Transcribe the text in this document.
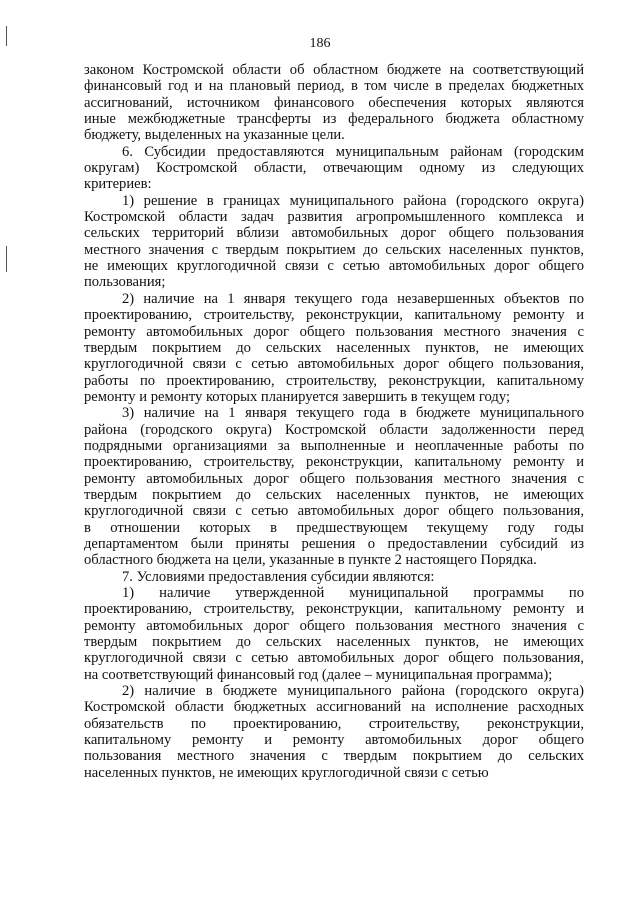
186
законом Костромской области об областном бюджете на соответствующий
финансовый год и на плановый период, в том числе в пределах бюджетных
ассигнований, источником финансового обеспечения которых являются
иные межбюджетные трансферты из федерального бюджета областному
бюджету, выделенных на указанные цели.
6. Субсидии предоставляются муниципальным районам (городским
округам) Костромской области, отвечающим одному из следующих
критериев:
1) решение в границах муниципального района (городского округа)
Костромской области задач развития агропромышленного комплекса и
сельских территорий вблизи автомобильных дорог общего пользования
местного значения с твердым покрытием до сельских населенных пунктов,
не имеющих круглогодичной связи с сетью автомобильных дорог общего
пользования;
2) наличие на 1 января текущего года незавершенных объектов по
проектированию, строительству, реконструкции, капитальному ремонту и
ремонту автомобильных дорог общего пользования местного значения с
твердым покрытием до сельских населенных пунктов, не имеющих
круглогодичной связи с сетью автомобильных дорог общего пользования,
работы по проектированию, строительству, реконструкции, капитальному
ремонту и ремонту которых планируется завершить в текущем году;
3) наличие на 1 января текущего года в бюджете муниципального
района (городского округа) Костромской области задолженности перед
подрядными организациями за выполненные и неоплаченные работы по
проектированию, строительству, реконструкции, капитальному ремонту и
ремонту автомобильных дорог общего пользования местного значения с
твердым покрытием до сельских населенных пунктов, не имеющих
круглогодичной связи с сетью автомобильных дорог общего пользования,
в отношении которых в предшествующем текущему году годы
департаментом были приняты решения о предоставлении субсидий из
областного бюджета на цели, указанные в пункте 2 настоящего Порядка.
7. Условиями предоставления субсидии являются:
1) наличие утвержденной муниципальной программы по
проектированию, строительству, реконструкции, капитальному ремонту и
ремонту автомобильных дорог общего пользования местного значения с
твердым покрытием до сельских населенных пунктов, не имеющих
круглогодичной связи с сетью автомобильных дорог общего пользования,
на соответствующий финансовый год (далее – муниципальная программа);
2) наличие в бюджете муниципального района (городского округа)
Костромской области бюджетных ассигнований на исполнение расходных
обязательств по проектированию, строительству, реконструкции,
капитальному ремонту и ремонту автомобильных дорог общего
пользования местного значения с твердым покрытием до сельских
населенных пунктов, не имеющих круглогодичной связи с сетью
